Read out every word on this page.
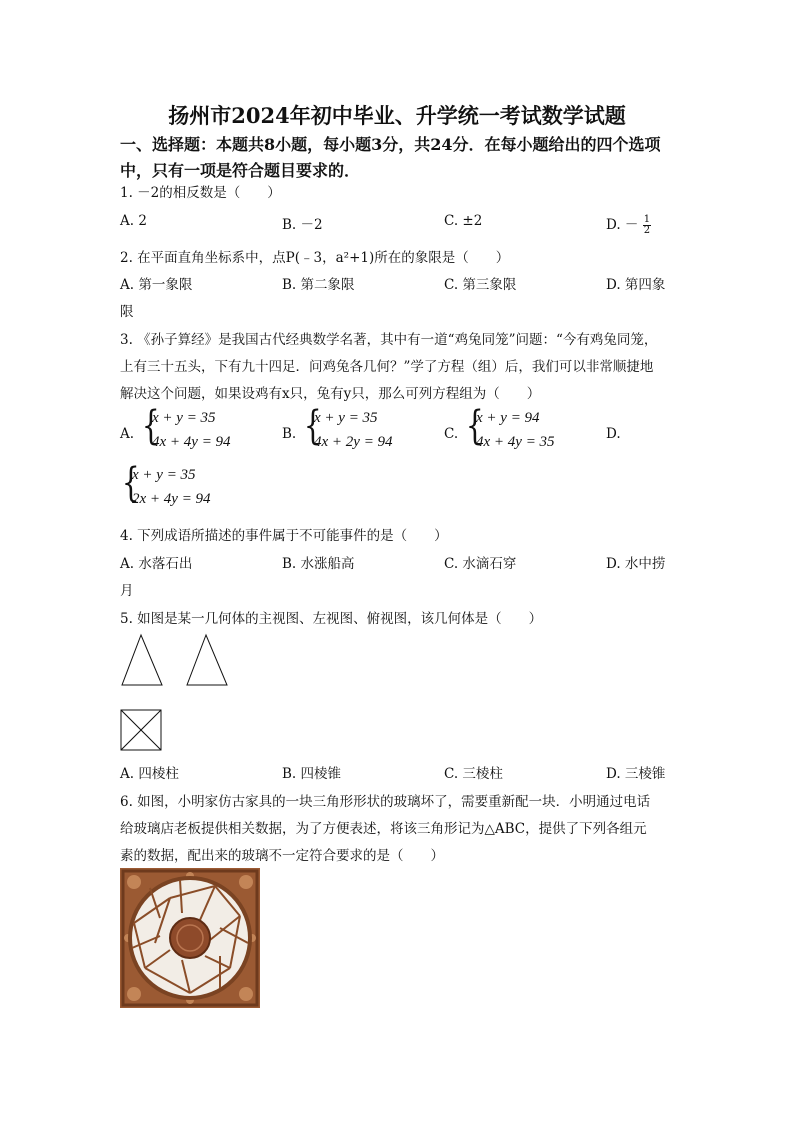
扬州市2024年初中毕业、升学统一考试数学试题
一、选择题：本题共8小题，每小题3分，共24分．在每小题给出的四个选项
中，只有一项是符合题目要求的．
1. －2的相反数是（　　）
A. 2	B. －2	C. ±2	D. － $\frac{1}{2}$
2. 在平面直角坐标系中，点P(﹣3，a²+1)所在的象限是（　　）
A. 第一象限	B. 第二象限	C. 第三象限	D. 第四象
限
3. 《孙子算经》是我国古代经典数学名著，其中有一道“鸡兔同笼”问题：“今有鸡兔同笼，
上有三十五头，下有九十四足．问鸡兔各几何？”学了方程（组）后，我们可以非常顺捷地
解决这个问题，如果设鸡有x只，兔有y只，那么可列方程组为（　　）
A. {
x + y = 35
4x + 4y = 94	B. {
x + y = 35
4x + 2y = 94	C. {
x + y = 94
4x + 4y = 35	D.
{
x + y = 35
2x + 4y = 94
4. 下列成语所描述的事件属于不可能事件的是（　　）
A. 水落石出	B. 水涨船高	C. 水滴石穿	D. 水中捞
月
5. 如图是某一几何体的主视图、左视图、俯视图，该几何体是（　　）
A. 四棱柱	B. 四棱锥	C. 三棱柱	D. 三棱锥
6. 如图，小明家仿古家具的一块三角形形状的玻璃坏了，需要重新配一块．小明通过电话
给玻璃店老板提供相关数据，为了方便表述，将该三角形记为△ABC，提供了下列各组元
素的数据，配出来的玻璃不一定符合要求的是（　　）
